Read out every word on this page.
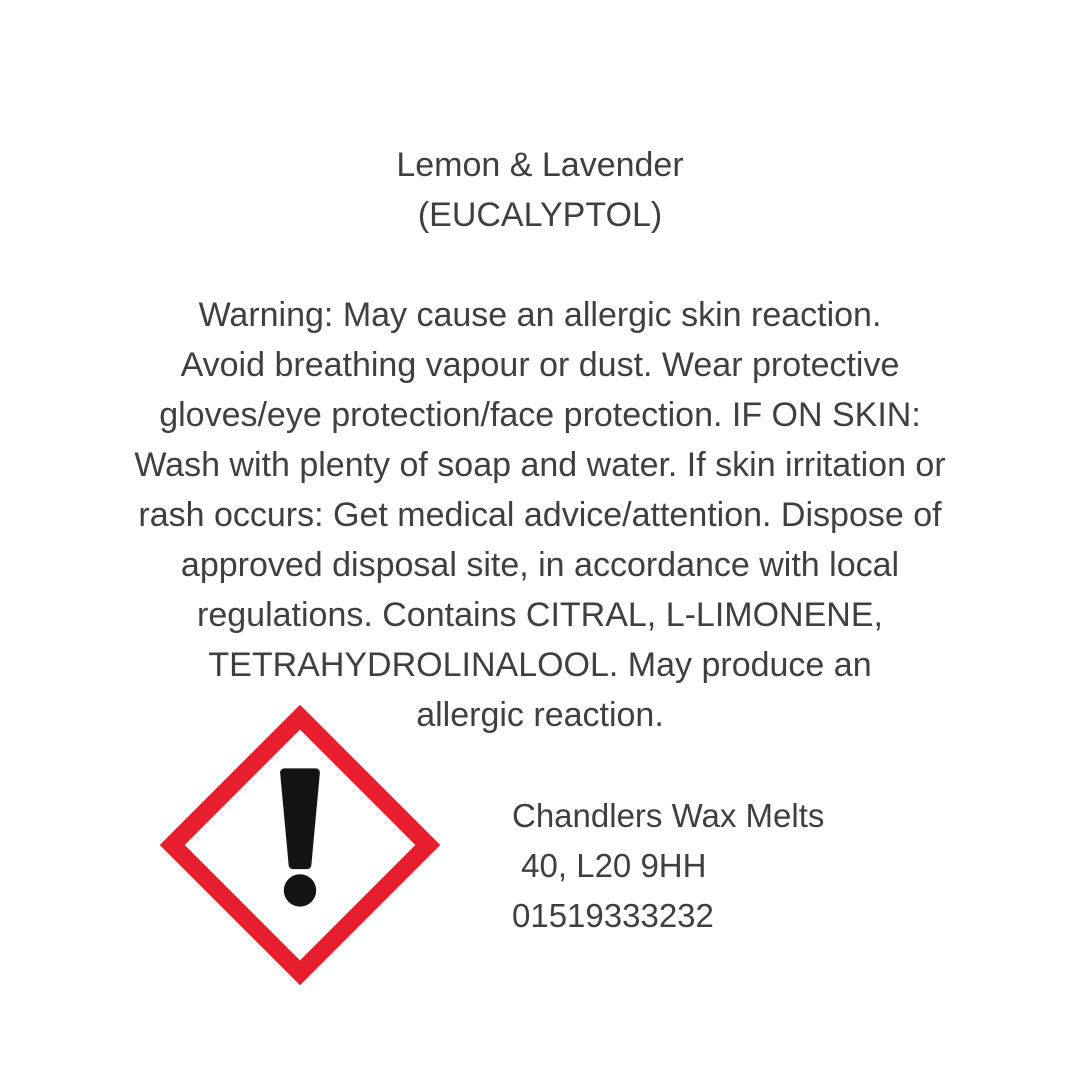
Lemon & Lavender
(EUCALYPTOL)
Warning: May cause an allergic skin reaction.
Avoid breathing vapour or dust. Wear protective
gloves/eye protection/face protection. IF ON SKIN:
Wash with plenty of soap and water. If skin irritation or
rash occurs: Get medical advice/attention. Dispose of
approved disposal site, in accordance with local
regulations. Contains CITRAL, L-LIMONENE,
TETRAHYDROLINALOOL. May produce an
allergic reaction.
Chandlers Wax Melts
40, L20 9HH
01519333232
